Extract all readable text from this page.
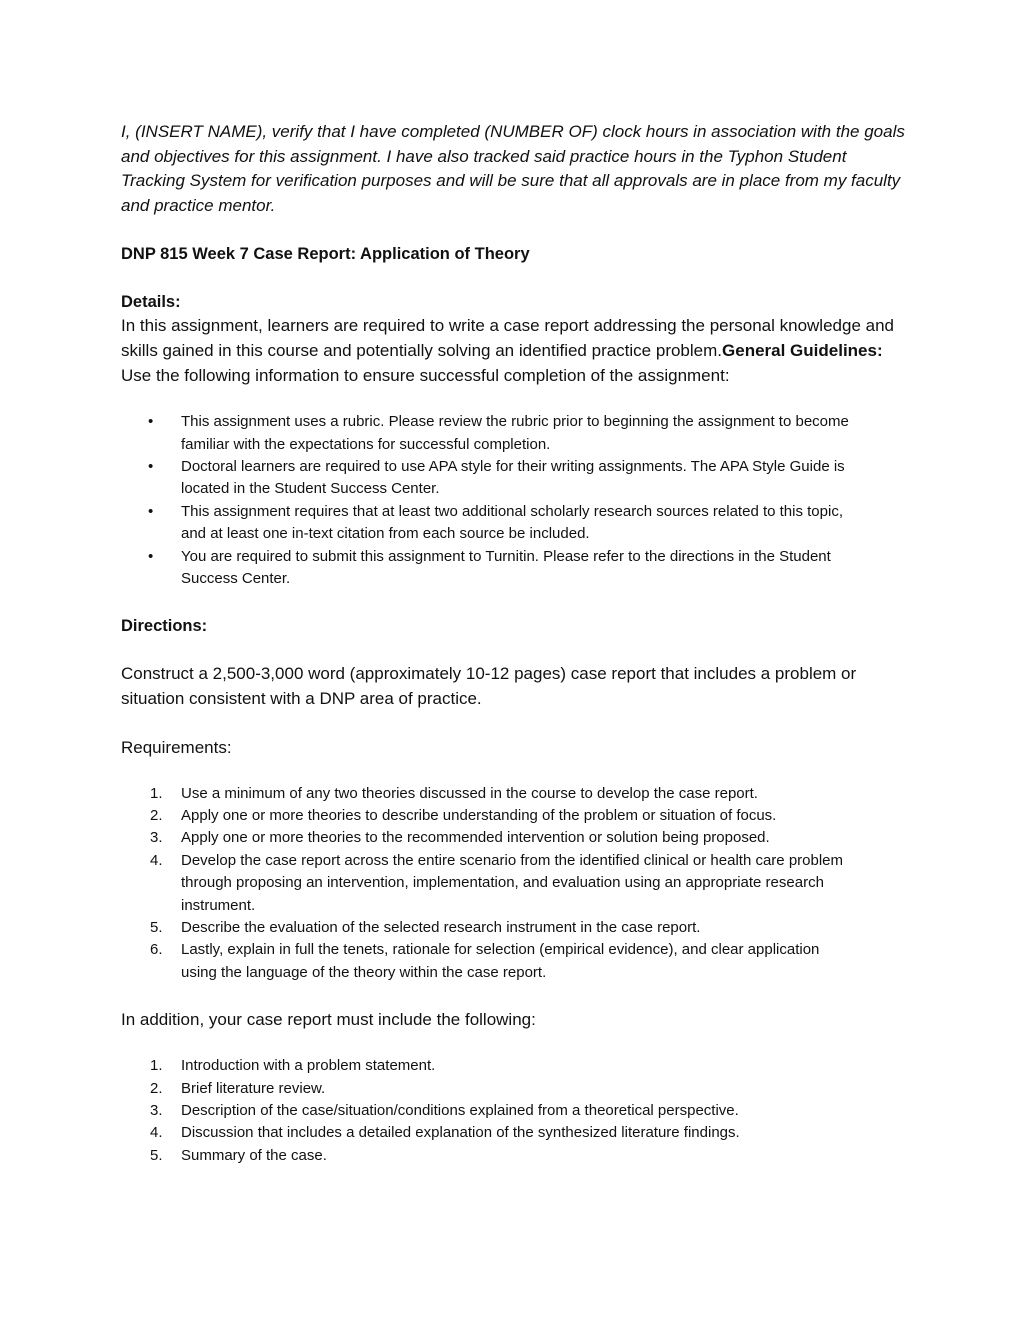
I, (INSERT NAME), verify that I have completed (NUMBER OF) clock hours in association with the goals and objectives for this assignment. I have also tracked said practice hours in the Typhon Student Tracking System for verification purposes and will be sure that all approvals are in place from my faculty and practice mentor.

DNP 815 Week 7 Case Report: Application of Theory

Details:

In this assignment, learners are required to write a case report addressing the personal knowledge and skills gained in this course and potentially solving an identified practice problem.General Guidelines: Use the following information to ensure successful completion of the assignment:

• This assignment uses a rubric. Please review the rubric prior to beginning the assignment to become familiar with the expectations for successful completion.
• Doctoral learners are required to use APA style for their writing assignments. The APA Style Guide is located in the Student Success Center.
• This assignment requires that at least two additional scholarly research sources related to this topic, and at least one in-text citation from each source be included.
• You are required to submit this assignment to Turnitin. Please refer to the directions in the Student Success Center.

Directions:

Construct a 2,500-3,000 word (approximately 10-12 pages) case report that includes a problem or situation consistent with a DNP area of practice.

Requirements:

1. Use a minimum of any two theories discussed in the course to develop the case report.
2. Apply one or more theories to describe understanding of the problem or situation of focus.
3. Apply one or more theories to the recommended intervention or solution being proposed.
4. Develop the case report across the entire scenario from the identified clinical or health care problem through proposing an intervention, implementation, and evaluation using an appropriate research instrument.
5. Describe the evaluation of the selected research instrument in the case report.
6. Lastly, explain in full the tenets, rationale for selection (empirical evidence), and clear application using the language of the theory within the case report.

In addition, your case report must include the following:

1. Introduction with a problem statement.
2. Brief literature review.
3. Description of the case/situation/conditions explained from a theoretical perspective.
4. Discussion that includes a detailed explanation of the synthesized literature findings.
5. Summary of the case.
